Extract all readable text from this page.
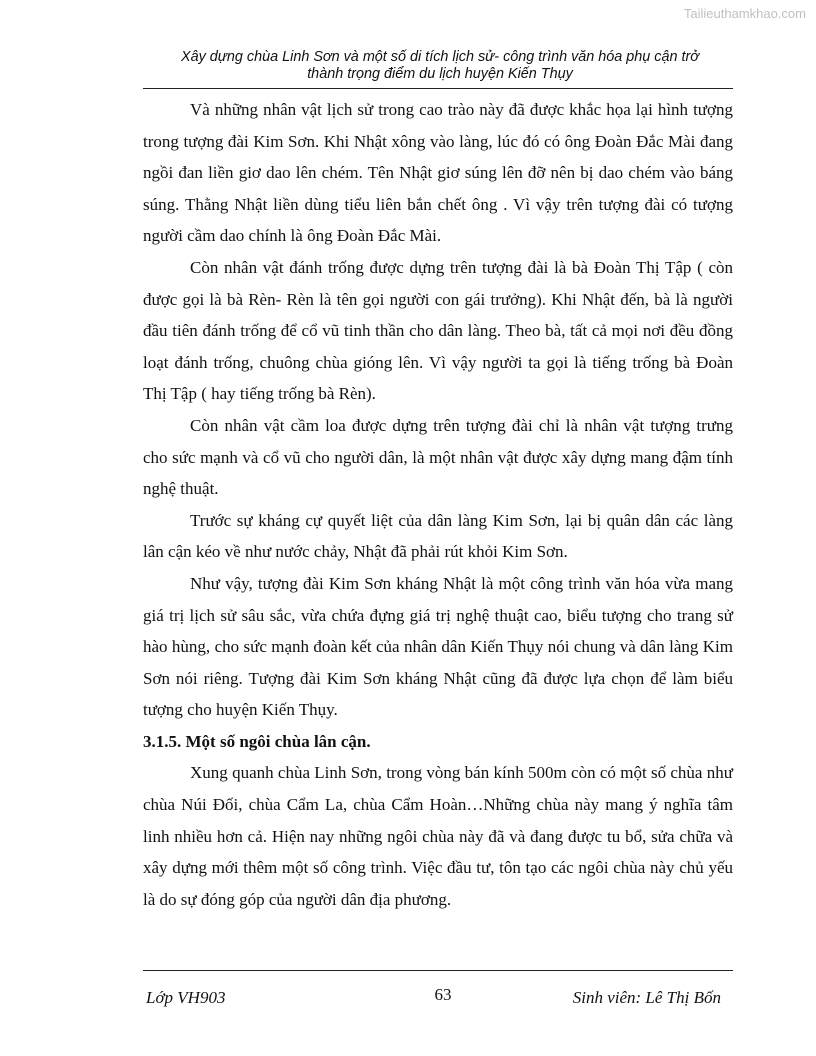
Tailieuthamkhao.com
Xây dựng chùa Linh Sơn và một số di tích lịch sử- công trình văn hóa phụ cận trở
thành trọng điểm du lịch huyện Kiến Thụy

Và những nhân vật lịch sử trong cao trào này đã được khắc họa lại hình tượng trong tượng đài Kim Sơn. Khi Nhật xông vào làng, lúc đó có ông Đoàn Đắc Mài đang ngồi đan liền giơ dao lên chém. Tên Nhật giơ súng lên đỡ nên bị dao chém vào báng súng. Thằng Nhật liền dùng tiểu liên bắn chết ông . Vì vậy trên tượng đài có tượng người cầm dao chính là ông Đoàn Đắc Mài.

Còn nhân vật đánh trống được dựng trên tượng đài là bà Đoàn Thị Tập ( còn được gọi là bà Rèn- Rèn là tên gọi người con gái trưởng). Khi Nhật đến, bà là người đầu tiên đánh trống để cổ vũ tinh thần cho dân làng. Theo bà, tất cả mọi nơi đều đồng loạt đánh trống, chuông chùa gióng lên. Vì vậy người ta gọi là tiếng trống bà Đoàn Thị Tập ( hay tiếng trống bà Rèn).

Còn nhân vật cầm loa được dựng trên tượng đài chỉ là nhân vật tượng trưng cho sức mạnh và cổ vũ cho người dân, là một nhân vật được xây dựng mang đậm tính nghệ thuật.

Trước sự kháng cự quyết liệt của dân làng Kim Sơn, lại bị quân dân các làng lân cận kéo về như nước chảy, Nhật đã phải rút khỏi Kim Sơn.

Như vậy, tượng đài Kim Sơn kháng Nhật là một công trình văn hóa vừa mang giá trị lịch sử sâu sắc, vừa chứa đựng giá trị nghệ thuật cao, biểu tượng cho trang sử hào hùng, cho sức mạnh đoàn kết của nhân dân Kiến Thụy nói chung và dân làng Kim Sơn nói riêng. Tượng đài Kim Sơn kháng Nhật cũng đã được lựa chọn để làm biểu tượng cho huyện Kiến Thụy.

3.1.5. Một số ngôi chùa lân cận.

Xung quanh chùa Linh Sơn, trong vòng bán kính 500m còn có một số chùa như chùa Núi Đối, chùa Cẩm La, chùa Cẩm Hoàn…Những chùa này mang ý nghĩa tâm linh nhiều hơn cả. Hiện nay những ngôi chùa này đã và đang được tu bổ, sửa chữa và xây dựng mới thêm một số công trình. Việc đầu tư, tôn tạo các ngôi chùa này chủ yếu là do sự đóng góp của người dân địa phương.

Lớp VH903	63	Sinh viên: Lê Thị Bốn
